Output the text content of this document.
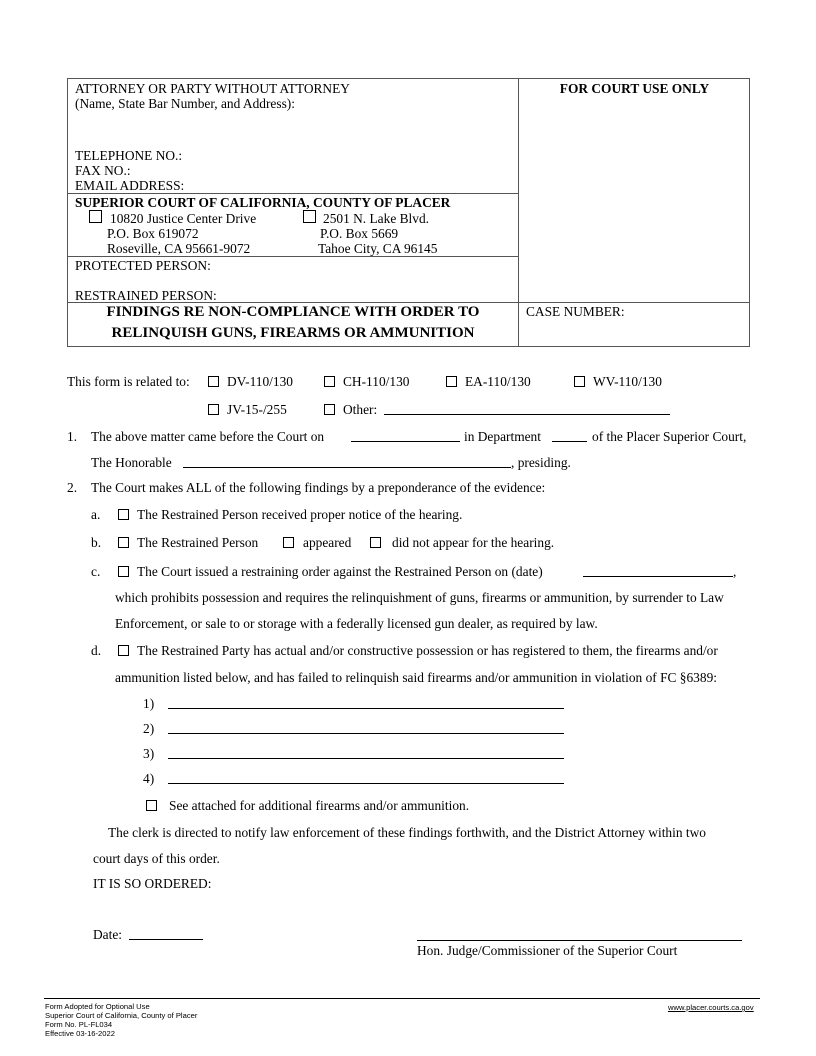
ATTORNEY OR PARTY WITHOUT ATTORNEY
(Name, State Bar Number, and Address):
TELEPHONE NO.:
FAX NO.:
EMAIL ADDRESS:
FOR COURT USE ONLY
SUPERIOR COURT OF CALIFORNIA, COUNTY OF PLACER
10820 Justice Center Drive
P.O. Box 619072
Roseville, CA 95661-9072
2501 N. Lake Blvd.
P.O. Box 5669
Tahoe City, CA 96145
PROTECTED PERSON:
RESTRAINED PERSON:
FINDINGS RE NON-COMPLIANCE WITH ORDER TO
RELINQUISH GUNS, FIREARMS OR AMMUNITION
CASE NUMBER:
This form is related to:	DV-110/130	CH-110/130	EA-110/130	WV-110/130
JV-15-/255	Other:
1. The above matter came before the Court on	in Department	of the Placer Superior Court,
The Honorable	, presiding.
2. The Court makes ALL of the following findings by a preponderance of the evidence:
a.	The Restrained Person received proper notice of the hearing.
b.	The Restrained Person	appeared	did not appear for the hearing.
c.	The Court issued a restraining order against the Restrained Person on (date)	,
which prohibits possession and requires the relinquishment of guns, firearms or ammunition, by surrender to Law
Enforcement, or sale to or storage with a federally licensed gun dealer, as required by law.
d.	The Restrained Party has actual and/or constructive possession or has registered to them, the firearms and/or
ammunition listed below, and has failed to relinquish said firearms and/or ammunition in violation of FC §6389:
1)
2)
3)
4)
See attached for additional firearms and/or ammunition.
The clerk is directed to notify law enforcement of these findings forthwith, and the District Attorney within two
court days of this order.
IT IS SO ORDERED:
Date:
Hon. Judge/Commissioner of the Superior Court
Form Adopted for Optional Use
Superior Court of California, County of Placer
Form No. PL-FL034
Effective 03-16-2022
www.placer.courts.ca.gov
